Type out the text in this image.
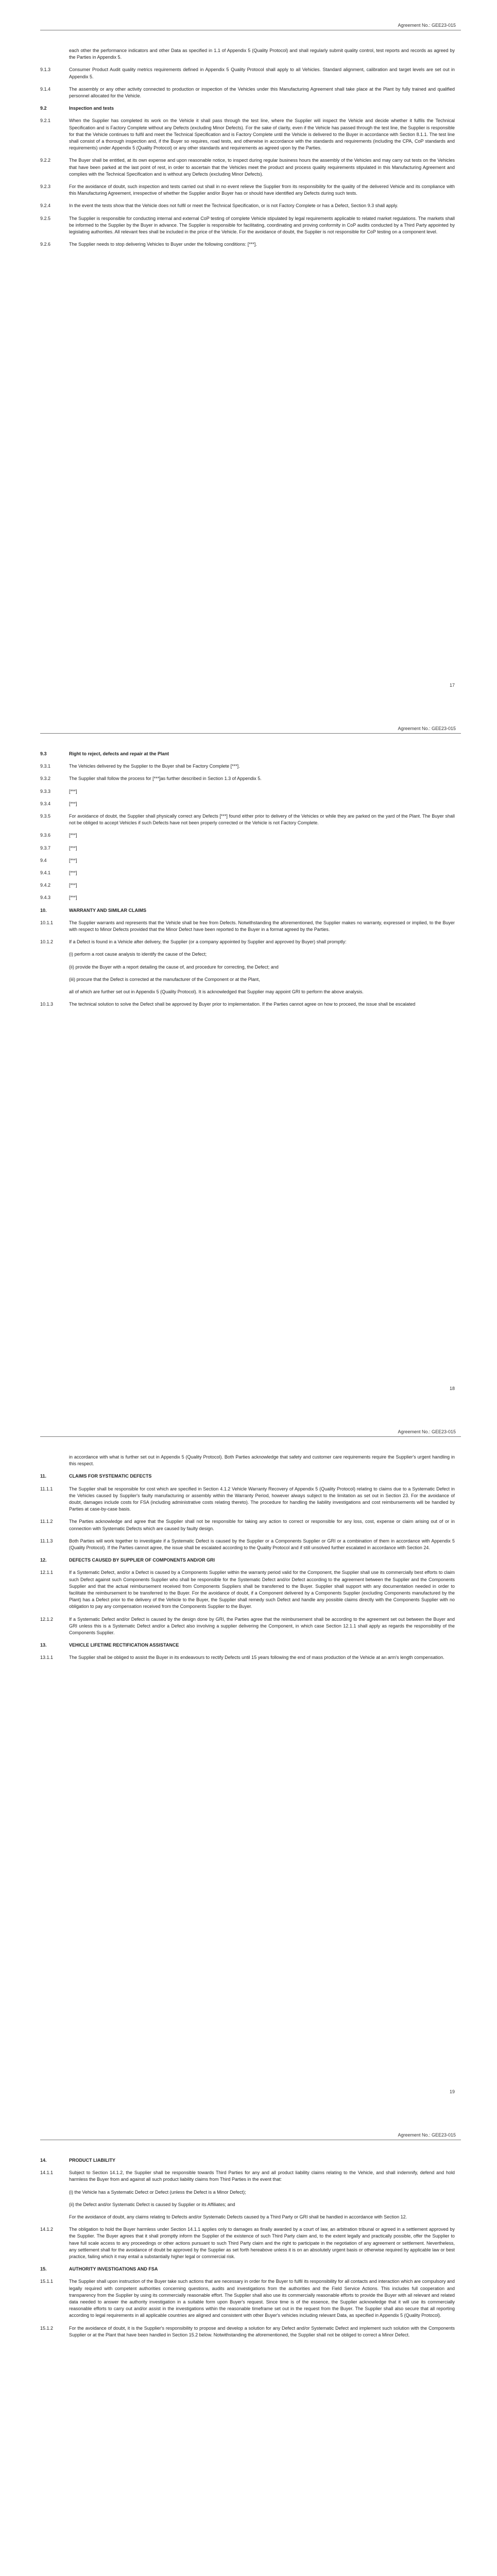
Agreement No.: GEE23-015
each other the performance indicators and other Data as specified in 1.1 of Appendix 5 (Quality Protocol) and shall regularly submit quality control, test reports and records as agreed by the Parties in Appendix 5.
9.1.3	Consumer Product Audit quality metrics requirements defined in Appendix 5 Quality Protocol shall apply to all Vehicles. Standard alignment, calibration and target levels are set out in Appendix 5.
9.1.4	The assembly or any other activity connected to production or inspection of the Vehicles under this Manufacturing Agreement shall take place at the Plant by fully trained and qualified personnel allocated for the Vehicle.
9.2	Inspection and tests
9.2.1	When the Supplier has completed its work on the Vehicle it shall pass through the test line, where the Supplier will inspect the Vehicle and decide whether it fulfils the Technical Specification and is Factory Complete without any Defects (excluding Minor Defects). For the sake of clarity, even if the Vehicle has passed through the test line, the Supplier is responsible for that the Vehicle continues to fulfil and meet the Technical Specification and is Factory Complete until the Vehicle is delivered to the Buyer in accordance with Section 8.1.1. The test line shall consist of a thorough inspection and, if the Buyer so requires, road tests, and otherwise in accordance with the standards and requirements (including the CPA, CoP standards and requirements) under Appendix 5 (Quality Protocol) or any other standards and requirements as agreed upon by the Parties.
9.2.2	The Buyer shall be entitled, at its own expense and upon reasonable notice, to inspect during regular business hours the assembly of the Vehicles and may carry out tests on the Vehicles that have been parked at the last point of rest, in order to ascertain that the Vehicles meet the product and process quality requirements stipulated in this Manufacturing Agreement and complies with the Technical Specification and is without any Defects (excluding Minor Defects).
9.2.3	For the avoidance of doubt, such inspection and tests carried out shall in no event relieve the Supplier from its responsibility for the quality of the delivered Vehicle and its compliance with this Manufacturing Agreement, irrespective of whether the Supplier and/or Buyer has or should have identified any Defects during such tests.
9.2.4	In the event the tests show that the Vehicle does not fulfil or meet the Technical Specification, or is not Factory Complete or has a Defect, Section 9.3 shall apply.
9.2.5	The Supplier is responsible for conducting internal and external CoP testing of complete Vehicle stipulated by legal requirements applicable to related market regulations. The markets shall be informed to the Supplier by the Buyer in advance. The Supplier is responsible for facilitating, coordinating and proving conformity in CoP audits conducted by a Third Party appointed by legislating authorities. All relevant fees shall be included in the price of the Vehicle. For the avoidance of doubt, the Supplier is not responsible for CoP testing on a component level.
9.2.6	The Supplier needs to stop delivering Vehicles to Buyer under the following conditions: [***].
17
Agreement No.: GEE23-015
9.3	Right to reject, defects and repair at the Plant
9.3.1	The Vehicles delivered by the Supplier to the Buyer shall be Factory Complete [***].
9.3.2	The Supplier shall follow the process for [***]as further described in Section 1.3 of Appendix 5.
9.3.3	[***]
9.3.4	[***]
9.3.5	For avoidance of doubt, the Supplier shall physically correct any Defects [***] found either prior to delivery of the Vehicles or while they are parked on the yard of the Plant. The Buyer shall not be obliged to accept Vehicles if such Defects have not been properly corrected or the Vehicle is not Factory Complete.
9.3.6	[***]
9.3.7	[***]
9.4	[***]
9.4.1	[***]
9.4.2	[***]
9.4.3	[***]
10.	WARRANTY AND SIMILAR CLAIMS
10.1.1	The Supplier warrants and represents that the Vehicle shall be free from Defects. Notwithstanding the aforementioned, the Supplier makes no warranty, expressed or implied, to the Buyer with respect to Minor Defects provided that the Minor Defect have been reported to the Buyer in a format agreed by the Parties.
10.1.2	If a Defect is found in a Vehicle after delivery, the Supplier (or a company appointed by Supplier and approved by Buyer) shall promptly:
(i) perform a root cause analysis to identify the cause of the Defect;
(ii) provide the Buyer with a report detailing the cause of, and procedure for correcting, the Defect; and
(iii) procure that the Defect is corrected at the manufacturer of the Component or at the Plant,
all of which are further set out in Appendix 5 (Quality Protocol). It is acknowledged that Supplier may appoint GRI to perform the above analysis.
10.1.3	The technical solution to solve the Defect shall be approved by Buyer prior to implementation. If the Parties cannot agree on how to proceed, the issue shall be escalated
18
Agreement No.: GEE23-015
in accordance with what is further set out in Appendix 5 (Quality Protocol). Both Parties acknowledge that safety and customer care requirements require the Supplier's urgent handling in this respect.
11.	CLAIMS FOR SYSTEMATIC DEFECTS
11.1.1	The Supplier shall be responsible for cost which are specified in Section 4.1.2 Vehicle Warranty Recovery of Appendix 5 (Quality Protocol) relating to claims due to a Systematic Defect in the Vehicles caused by Supplier's faulty manufacturing or assembly within the Warranty Period, however always subject to the limitation as set out in Section 23. For the avoidance of doubt, damages include costs for FSA (including administrative costs relating thereto). The procedure for handling the liability investigations and cost reimbursements will be handled by Parties at case-by-case basis.
11.1.2	The Parties acknowledge and agree that the Supplier shall not be responsible for taking any action to correct or responsible for any loss, cost, expense or claim arising out of or in connection with Systematic Defects which are caused by faulty design.
11.1.3	Both Parties will work together to investigate if a Systematic Defect is caused by the Supplier or a Components Supplier or GRI or a combination of them in accordance with Appendix 5 (Quality Protocol). If the Parties cannot agree, the issue shall be escalated according to the Quality Protocol and if still unsolved further escalated in accordance with Section 24.
12.	DEFECTS CAUSED BY SUPPLIER OF COMPONENTS AND/OR GRI
12.1.1	If a Systematic Defect, and/or a Defect is caused by a Components Supplier within the warranty period valid for the Component, the Supplier shall use its commercially best efforts to claim such Defect against such Components Supplier who shall be responsible for the Systematic Defect and/or Defect according to the agreement between the Supplier and the Components Supplier and that the actual reimbursement received from Components Suppliers shall be transferred to the Buyer. Supplier shall support with any documentation needed in order to facilitate the reimbursement to be transferred to the Buyer. For the avoidance of doubt, if a Component delivered by a Components Supplier (excluding Components manufactured by the Plant) has a Defect prior to the delivery of the Vehicle to the Buyer, the Supplier shall remedy such Defect and handle any possible claims directly with the Components Supplier with no obligation to pay any compensation received from the Components Supplier to the Buyer.
12.1.2	If a Systematic Defect and/or Defect is caused by the design done by GRI, the Parties agree that the reimbursement shall be according to the agreement set out between the Buyer and GRI unless this is a Systematic Defect and/or a Defect also involving a supplier delivering the Component, in which case Section 12.1.1 shall apply as regards the responsibility of the Components Supplier.
13.	VEHICLE LIFETIME RECTIFICATION ASSISTANCE
13.1.1	The Supplier shall be obliged to assist the Buyer in its endeavours to rectify Defects until 15 years following the end of mass production of the Vehicle at an arm's length compensation.
19
Agreement No.: GEE23-015
14.	PRODUCT LIABILITY
14.1.1	Subject to Section 14.1.2, the Supplier shall be responsible towards Third Parties for any and all product liability claims relating to the Vehicle, and shall indemnify, defend and hold harmless the Buyer from and against all such product liability claims from Third Parties in the event that:
(i) the Vehicle has a Systematic Defect or Defect (unless the Defect is a Minor Defect);
(ii) the Defect and/or Systematic Defect is caused by Supplier or its Affiliates; and
For the avoidance of doubt, any claims relating to Defects and/or Systematic Defects caused by a Third Party or GRI shall be handled in accordance with Section 12.
14.1.2	The obligation to hold the Buyer harmless under Section 14.1.1 applies only to damages as finally awarded by a court of law, an arbitration tribunal or agreed in a settlement approved by the Supplier. The Buyer agrees that it shall promptly inform the Supplier of the existence of such Third Party claim and, to the extent legally and practically possible, offer the Supplier to have full scale access to any proceedings or other actions pursuant to such Third Party claim and the right to participate in the negotiation of any agreement or settlement. Nevertheless, any settlement shall for the avoidance of doubt be approved by the Supplier as set forth hereabove unless it is on an absolutely urgent basis or otherwise required by applicable law or best practice, failing which it may entail a substantially higher legal or commercial risk.
15.	AUTHORITY INVESTIGATIONS AND FSA
15.1.1	The Supplier shall upon instruction of the Buyer take such actions that are necessary in order for the Buyer to fulfil its responsibility for all contacts and interaction which are compulsory and legally required with competent authorities concerning questions, audits and investigations from the authorities and the Field Service Actions. This includes full cooperation and transparency from the Supplier by using its commercially reasonable effort. The Supplier shall also use its commercially reasonable efforts to provide the Buyer with all relevant and related data needed to answer the authority investigation in a suitable form upon Buyer's request. Since time is of the essence, the Supplier acknowledge that it will use its commercially reasonable efforts to carry out and/or assist in the investigations within the reasonable timeframe set out in the request from the Buyer. The Supplier shall also secure that all reporting according to legal requirements in all applicable countries are aligned and consistent with other Buyer's vehicles including relevant Data, as specified in Appendix 5 (Quality Protocol).
15.1.2	For the avoidance of doubt, it is the Supplier's responsibility to propose and develop a solution for any Defect and/or Systematic Defect and implement such solution with the Components Supplier or at the Plant that have been handled in Section 15.2 below. Notwithstanding the aforementioned, the Supplier shall not be obliged to correct a Minor Defect.
